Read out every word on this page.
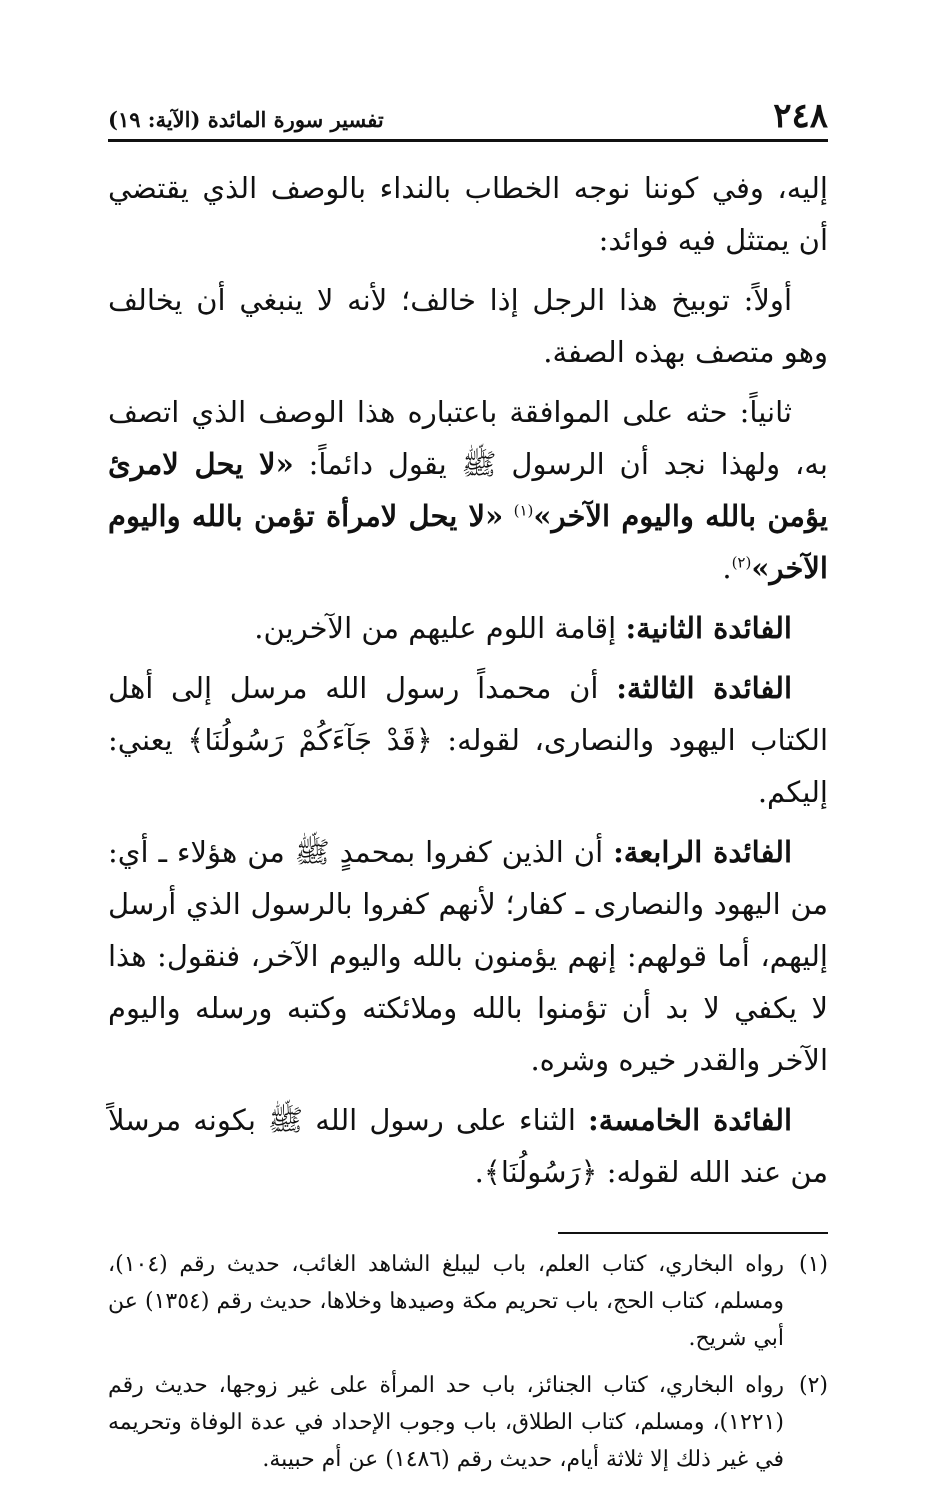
٢٤٨
تفسير سورة المائدة (الآية: ١٩)

إليه، وفي كوننا نوجه الخطاب بالنداء بالوصف الذي يقتضي أن يمتثل فيه فوائد:

أولاً: توبيخ هذا الرجل إذا خالف؛ لأنه لا ينبغي أن يخالف وهو متصف بهذه الصفة.

ثانياً: حثه على الموافقة باعتباره هذا الوصف الذي اتصف به، ولهذا نجد أن الرسول ﷺ يقول دائماً: «لا يحل لامرئ يؤمن بالله واليوم الآخر»$^{(١)}$ «لا يحل لامرأة تؤمن بالله واليوم الآخر»$^{(٢)}$.

الفائدة الثانية: إقامة اللوم عليهم من الآخرين.

الفائدة الثالثة: أن محمداً رسول الله مرسل إلى أهل الكتاب اليهود والنصارى، لقوله: ﴿قَدْ جَآءَكُمْ رَسُولُنَا﴾ يعني: إليكم.

الفائدة الرابعة: أن الذين كفروا بمحمدٍ ﷺ من هؤلاء ـ أي: من اليهود والنصارى ـ كفار؛ لأنهم كفروا بالرسول الذي أرسل إليهم، أما قولهم: إنهم يؤمنون بالله واليوم الآخر، فنقول: هذا لا يكفي لا بد أن تؤمنوا بالله وملائكته وكتبه ورسله واليوم الآخر والقدر خيره وشره.

الفائدة الخامسة: الثناء على رسول الله ﷺ بكونه مرسلاً من عند الله لقوله: ﴿رَسُولُنَا﴾.

(١)
رواه البخاري، كتاب العلم، باب ليبلغ الشاهد الغائب، حديث رقم (١٠٤)، ومسلم، كتاب الحج، باب تحريم مكة وصيدها وخلاها، حديث رقم (١٣٥٤) عن أبي شريح.
(٢)
رواه البخاري، كتاب الجنائز، باب حد المرأة على غير زوجها، حديث رقم (١٢٢١)، ومسلم، كتاب الطلاق، باب وجوب الإحداد في عدة الوفاة وتحريمه في غير ذلك إلا ثلاثة أيام، حديث رقم (١٤٨٦) عن أم حبيبة.
